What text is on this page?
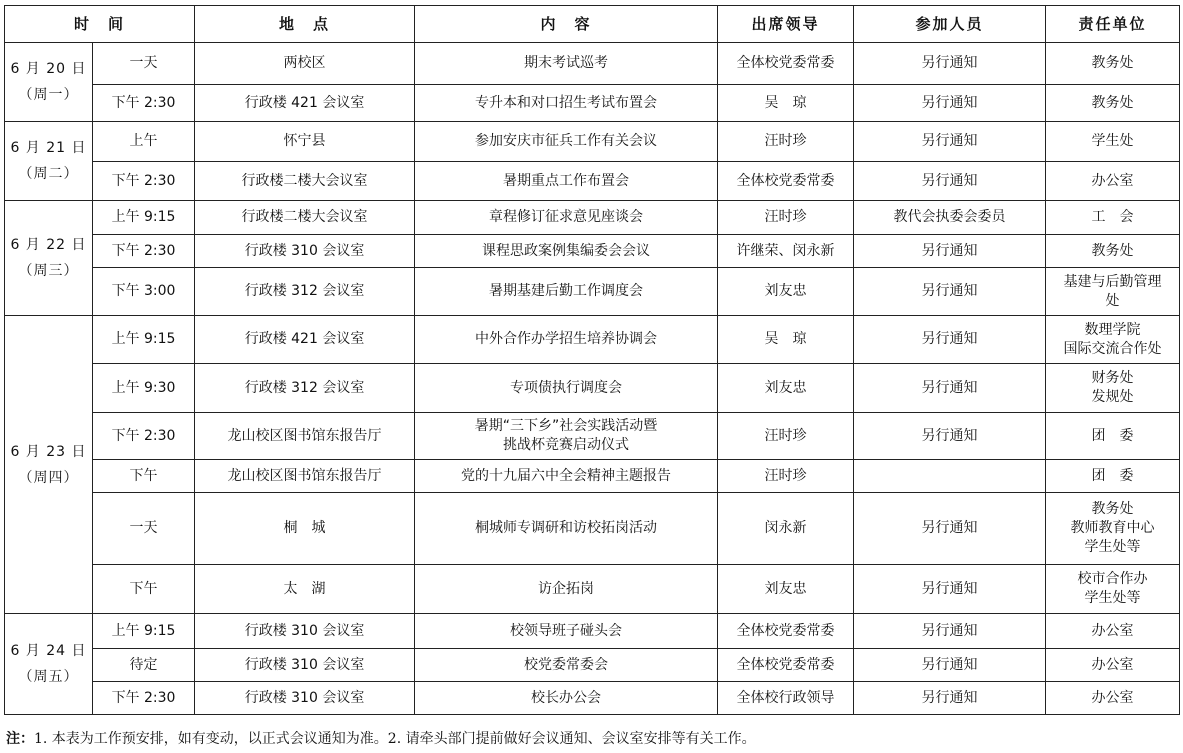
时　间		地　点	内　容	出席领导	参加人员	责任单位

6 月 20 日
（周一）	一天	两校区	期末考试巡考	全体校党委常委	另行通知	教务处

	下午 2:30	行政楼 421 会议室	专升本和对口招生考试布置会	吴　琼	另行通知	教务处

6 月 21 日
（周二）	上午	怀宁县	参加安庆市征兵工作有关会议	汪时珍	另行通知	学生处

	下午 2:30	行政楼二楼大会议室	暑期重点工作布置会	全体校党委常委	另行通知	办公室

6 月 22 日
（周三）	上午 9:15	行政楼二楼大会议室	章程修订征求意见座谈会	汪时珍	教代会执委会委员	工　会

	下午 2:30	行政楼 310 会议室	课程思政案例集编委会会议	许继荣、闵永新	另行通知	教务处

	下午 3:00	行政楼 312 会议室	暑期基建后勤工作调度会	刘友忠	另行通知	基建与后勤管理
处

6 月 23 日
（周四）	上午 9:15	行政楼 421 会议室	中外合作办学招生培养协调会	吴　琼	另行通知	数理学院
国际交流合作处

	上午 9:30	行政楼 312 会议室	专项债执行调度会	刘友忠	另行通知	财务处
发规处

	下午 2:30	龙山校区图书馆东报告厅	暑期“三下乡”社会实践活动暨
挑战杯竞赛启动仪式	汪时珍	另行通知	团　委

	下午	龙山校区图书馆东报告厅	党的十九届六中全会精神主题报告	汪时珍		团　委

	一天	桐　城	桐城师专调研和访校拓岗活动	闵永新	另行通知	教务处
教师教育中心
学生处等

	下午	太　湖	访企拓岗	刘友忠	另行通知	校市合作办
学生处等

6 月 24 日
（周五）	上午 9:15	行政楼 310 会议室	校领导班子碰头会	全体校党委常委	另行通知	办公室

	待定	行政楼 310 会议室	校党委常委会	全体校党委常委	另行通知	办公室

	下午 2:30	行政楼 310 会议室	校长办公会	全体校行政领导	另行通知	办公室
注：1. 本表为工作预安排，如有变动，以正式会议通知为准。2. 请牵头部门提前做好会议通知、会议室安排等有关工作。
